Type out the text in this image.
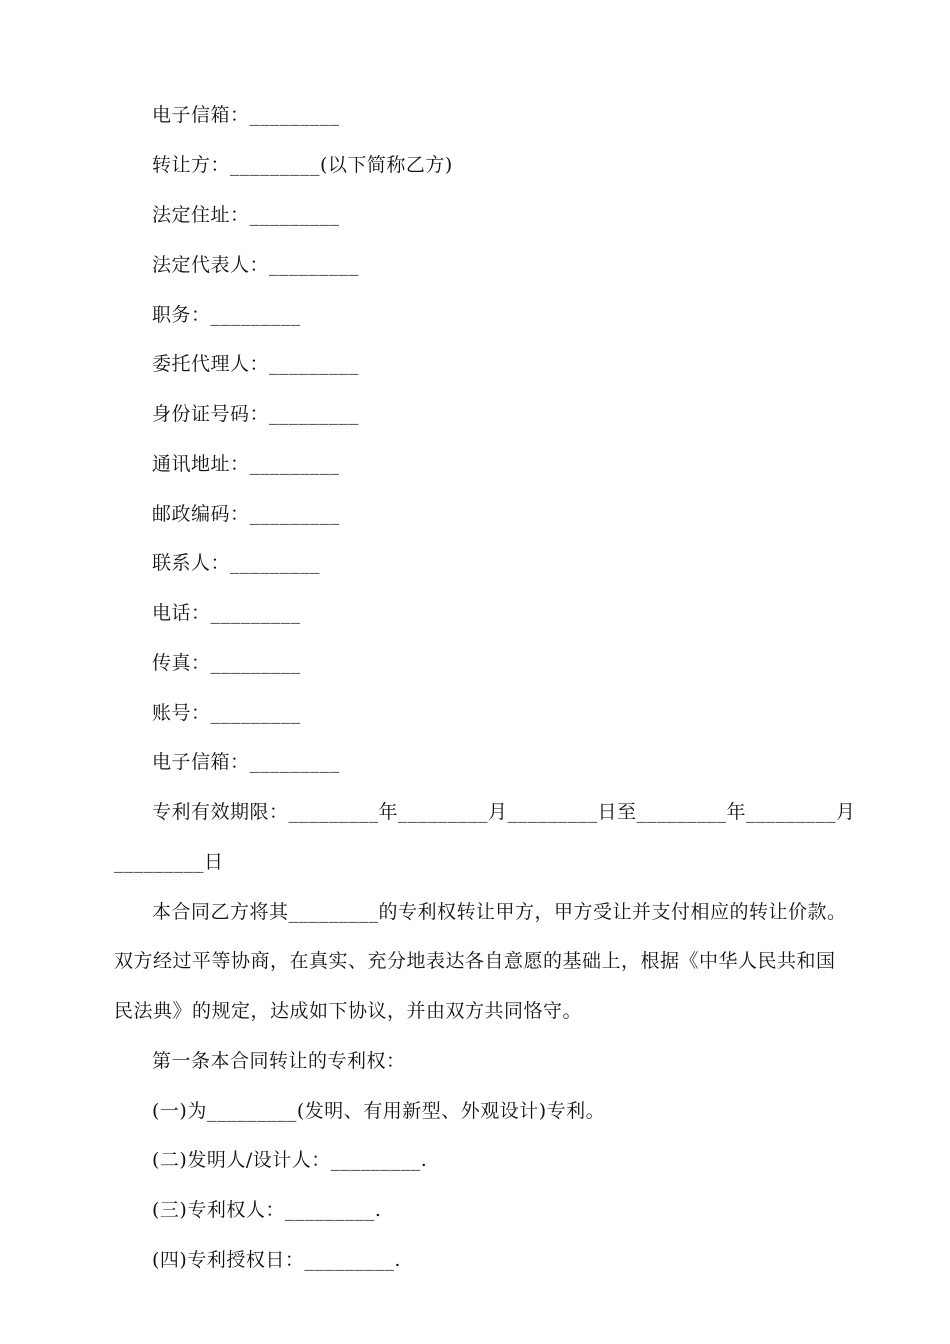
电子信箱：_________
转让方：_________(以下简称乙方)
法定住址：_________
法定代表人：_________
职务：_________
委托代理人：_________
身份证号码：_________
通讯地址：_________
邮政编码：_________
联系人：_________
电话：_________
传真：_________
账号：_________
电子信箱：_________
专利有效期限：_________年_________月_________日至_________年_________月
_________日
本合同乙方将其_________的专利权转让甲方，甲方受让并支付相应的转让价款。
双方经过平等协商，在真实、充分地表达各自意愿的基础上，根据《中华人民共和国
民法典》的规定，达成如下协议，并由双方共同恪守。
第一条本合同转让的专利权：
(一)为_________(发明、有用新型、外观设计)专利。
(二)发明人/设计人：_________.
(三)专利权人：_________.
(四)专利授权日：_________.
